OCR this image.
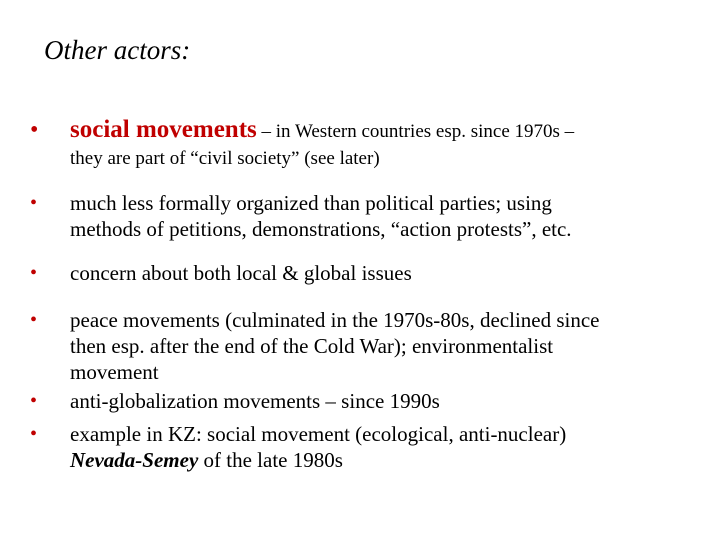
Other actors:
• social movements – in Western countries esp. since 1970s –
they are part of “civil society” (see later)
• much less formally organized than political parties; using
methods of petitions, demonstrations, “action protests”, etc.
• concern about both local & global issues
• peace movements (culminated in the 1970s-80s, declined since
then esp. after the end of the Cold War); environmentalist
movement
• anti-globalization movements – since 1990s
• example in KZ: social movement (ecological, anti-nuclear)
Nevada-Semey of the late 1980s
